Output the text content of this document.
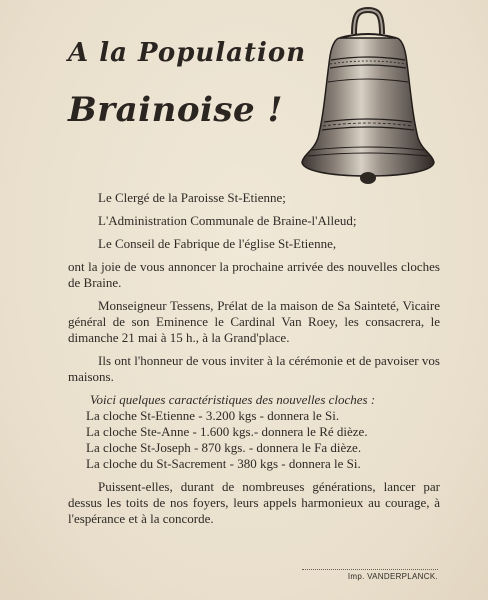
A la Population
Brainoise !

Le Clergé de la Paroisse St-Etienne;

L'Administration Communale de Braine-l'Alleud;

Le Conseil de Fabrique de l'église St-Etienne,

ont la joie de vous annoncer la prochaine arrivée des nouvelles cloches de Braine.

Monseigneur Tessens, Prélat de la maison de Sa Sainteté, Vicaire général de son Eminence le Cardinal Van Roey, les consacrera, le dimanche 21 mai à 15 h., à la Grand'place.

Ils ont l'honneur de vous inviter à la cérémonie et de pavoiser vos maisons.

Voici quelques caractéristiques des nouvelles cloches :

La cloche St-Etienne - 3.200 kgs - donnera le Si.

La cloche Ste-Anne - 1.600 kgs.- donnera le Ré dièze.

La cloche St-Joseph - 870 kgs. - donnera le Fa dièze.

La cloche du St-Sacrement - 380 kgs - donnera le Si.

Puissent-elles, durant de nombreuses générations, lancer par dessus les toits de nos foyers, leurs appels harmonieux au courage, à l'espérance et à la concorde.

Imp. VANDERPLANCK.
